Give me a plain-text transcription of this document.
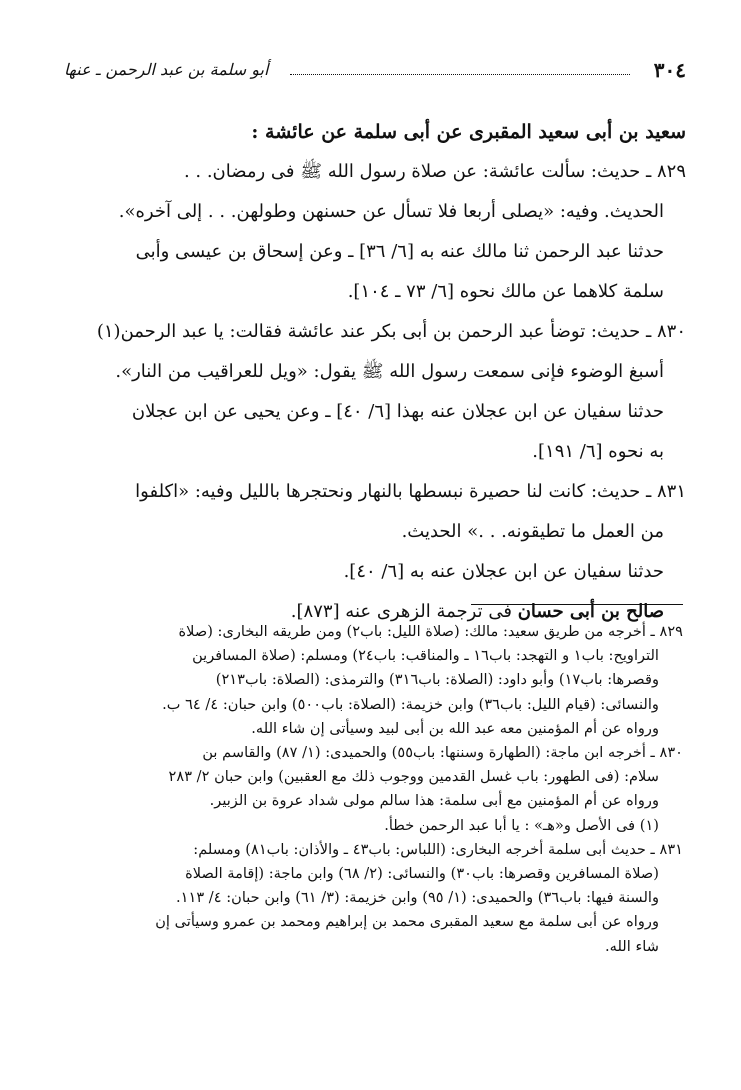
٣٠٤
أبو سلمة بن عبد الرحمن ـ عنها

سعيد بن أبى سعيد المقبرى عن أبى سلمة عن عائشة :

٨٢٩ ـ حديث: سألت عائشة: عن صلاة رسول الله ﷺ فى رمضان. . .

الحديث. وفيه: «يصلى أربعا فلا تسأل عن حسنهن وطولهن. . . إلى آخره».

حدثنا عبد الرحمن ثنا مالك عنه به [٦/ ٣٦] ـ وعن إسحاق بن عيسى وأبى

سلمة كلاهما عن مالك نحوه [٦/ ٧٣ ـ ١٠٤].

٨٣٠ ـ حديث: توضأ عبد الرحمن بن أبى بكر عند عائشة فقالت: يا عبد الرحمن(١)

أسبغ الوضوء فإنى سمعت رسول الله ﷺ يقول: «ويل للعراقيب من النار».

حدثنا سفيان عن ابن عجلان عنه بهذا [٦/ ٤٠] ـ وعن يحيى عن ابن عجلان

به نحوه [٦/ ١٩١].

٨٣١ ـ حديث: كانت لنا حصيرة نبسطها بالنهار ونحتجرها بالليل وفيه: «اكلفوا

من العمل ما تطيقونه. . .» الحديث.

حدثنا سفيان عن ابن عجلان عنه به [٦/ ٤٠].

صالح بن أبى حسان فى ترجمة الزهرى عنه [٨٧٣].

٨٢٩ ـ أخرجه من طريق سعيد: مالك: (صلاة الليل: باب٢) ومن طريقه البخارى: (صلاة

التراويح: باب١ و التهجد: باب١٦ ـ والمناقب: باب٢٤) ومسلم: (صلاة المسافرين

وقصرها: باب١٧) وأبو داود: (الصلاة: باب٣١٦) والترمذى: (الصلاة: باب٢١٣)

والنسائى: (قيام الليل: باب٣٦) وابن خزيمة: (الصلاة: باب٥٠٠) وابن حبان: ٤/ ٦٤ ب.

ورواه عن أم المؤمنين معه عبد الله بن أبى لبيد وسيأتى إن شاء الله.

٨٣٠ ـ أخرجه ابن ماجة: (الطهارة وسننها: باب٥٥) والحميدى: (١/ ٨٧) والقاسم بن

سلام: (فى الطهور: باب غسل القدمين ووجوب ذلك مع العقبين) وابن حبان ٢/ ٢٨٣

ورواه عن أم المؤمنين مع أبى سلمة: هذا سالم مولى شداد عروة بن الزبير.

(١) فى الأصل و«هـ» : يا أبا عبد الرحمن خطأ.

٨٣١ ـ حديث أبى سلمة أخرجه البخارى: (اللباس: باب٤٣ ـ والأذان: باب٨١) ومسلم:

(صلاة المسافرين وقصرها: باب٣٠) والنسائى: (٢/ ٦٨) وابن ماجة: (إقامة الصلاة

والسنة فيها: باب٣٦) والحميدى: (١/ ٩٥) وابن خزيمة: (٣/ ٦١) وابن حبان: ٤/ ١١٣.

ورواه عن أبى سلمة مع سعيد المقبرى محمد بن إبراهيم ومحمد بن عمرو وسيأتى إن

شاء الله.
